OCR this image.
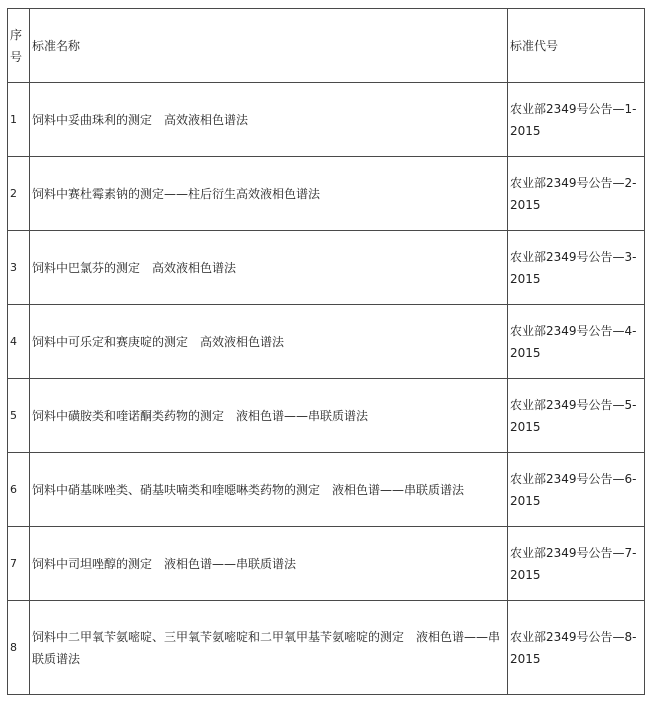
序号	标准名称	标准代号
1	饲料中妥曲珠利的测定　高效液相色谱法	农业部2349号公告—1-2015
2	饲料中赛杜霉素钠的测定——柱后衍生高效液相色谱法	农业部2349号公告—2-2015
3	饲料中巴氯芬的测定　高效液相色谱法	农业部2349号公告—3-2015
4	饲料中可乐定和赛庚啶的测定　高效液相色谱法	农业部2349号公告—4-2015
5	饲料中磺胺类和喹诺酮类药物的测定　液相色谱——串联质谱法	农业部2349号公告—5-2015
6	饲料中硝基咪唑类、硝基呋喃类和喹噁啉类药物的测定　液相色谱——串联质谱法	农业部2349号公告—6-2015
7	饲料中司坦唑醇的测定　液相色谱——串联质谱法	农业部2349号公告—7-2015
8	饲料中二甲氧苄氨嘧啶、三甲氧苄氨嘧啶和二甲氧甲基苄氨嘧啶的测定　液相色谱——串联质谱法	农业部2349号公告—8-2015
